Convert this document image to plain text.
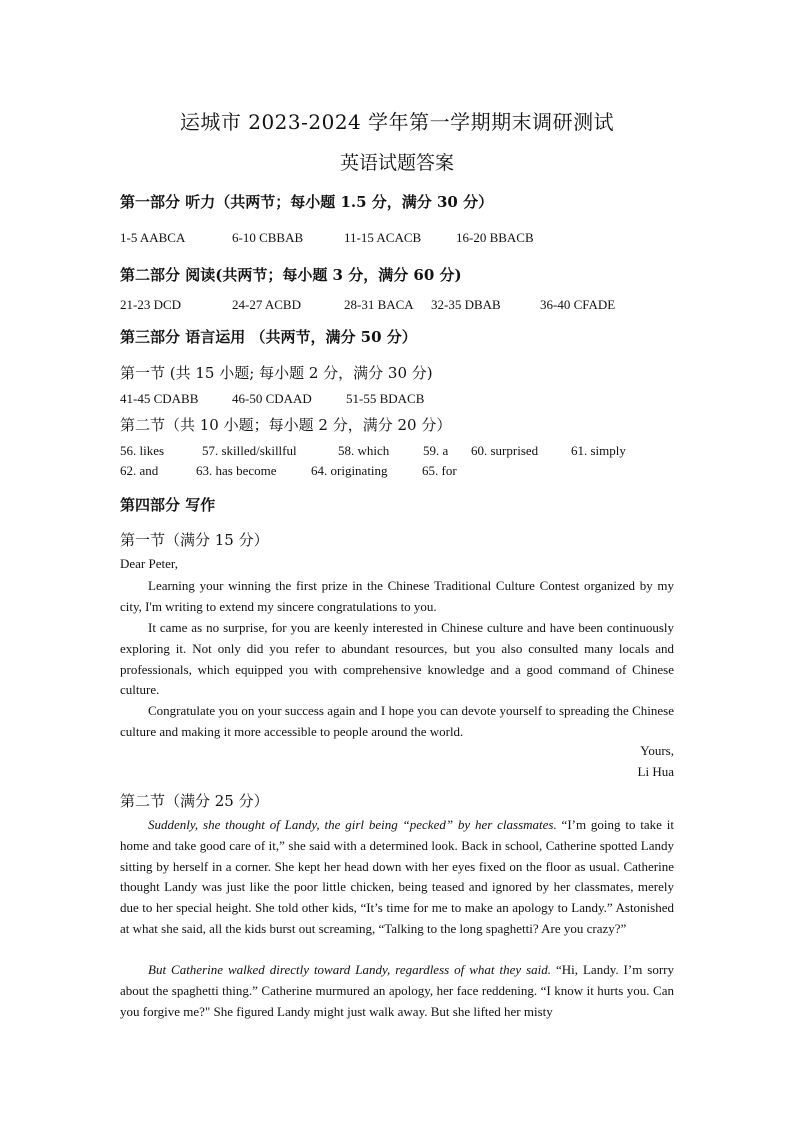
运城市 2023-2024 学年第一学期期末调研测试
英语试题答案
第一部分 听力（共两节；每小题 1.5 分，满分 30 分）
1-5 AABCA	6-10 CBBAB	11-15 ACACB	16-20 BBACB
第二部分 阅读(共两节；每小题 3 分，满分 60 分)
21-23 DCD	24-27 ACBD	28-31 BACA 32-35 DBAB	36-40 CFADE
第三部分 语言运用 （共两节，满分 50 分）
第一节 (共 15 小题; 每小题 2 分，满分 30 分)
41-45 CDABB	46-50 CDAAD	51-55 BDACB
第二节（共 10 小题；每小题 2 分，满分 20 分）
56. likes	57. skilled/skillful	58. which	59. a 60. surprised	61. simply
62. and	63. has become	64. originating	65. for
第四部分 写作
第一节（满分 15 分）
Dear Peter,
Learning your winning the first prize in the Chinese Traditional Culture Contest organized by my city, I'm writing to extend my sincere congratulations to you.
It came as no surprise, for you are keenly interested in Chinese culture and have been continuously exploring it. Not only did you refer to abundant resources, but you also consulted many locals and professionals, which equipped you with comprehensive knowledge and a good command of Chinese culture.
Congratulate you on your success again and I hope you can devote yourself to spreading the Chinese culture and making it more accessible to people around the world.
Yours,
Li Hua
第二节（满分 25 分）
Suddenly, she thought of Landy, the girl being “pecked” by her classmates. “I’m going to take it home and take good care of it,” she said with a determined look. Back in school, Catherine spotted Landy sitting by herself in a corner. She kept her head down with her eyes fixed on the floor as usual. Catherine thought Landy was just like the poor little chicken, being teased and ignored by her classmates, merely due to her special height. She told other kids, “It’s time for me to make an apology to Landy.” Astonished at what she said, all the kids burst out screaming, “Talking to the long spaghetti? Are you crazy?”
But Catherine walked directly toward Landy, regardless of what they said. “Hi, Landy. I’m sorry about the spaghetti thing.” Catherine murmured an apology, her face reddening. “I know it hurts you. Can you forgive me?" She figured Landy might just walk away. But she lifted her misty
